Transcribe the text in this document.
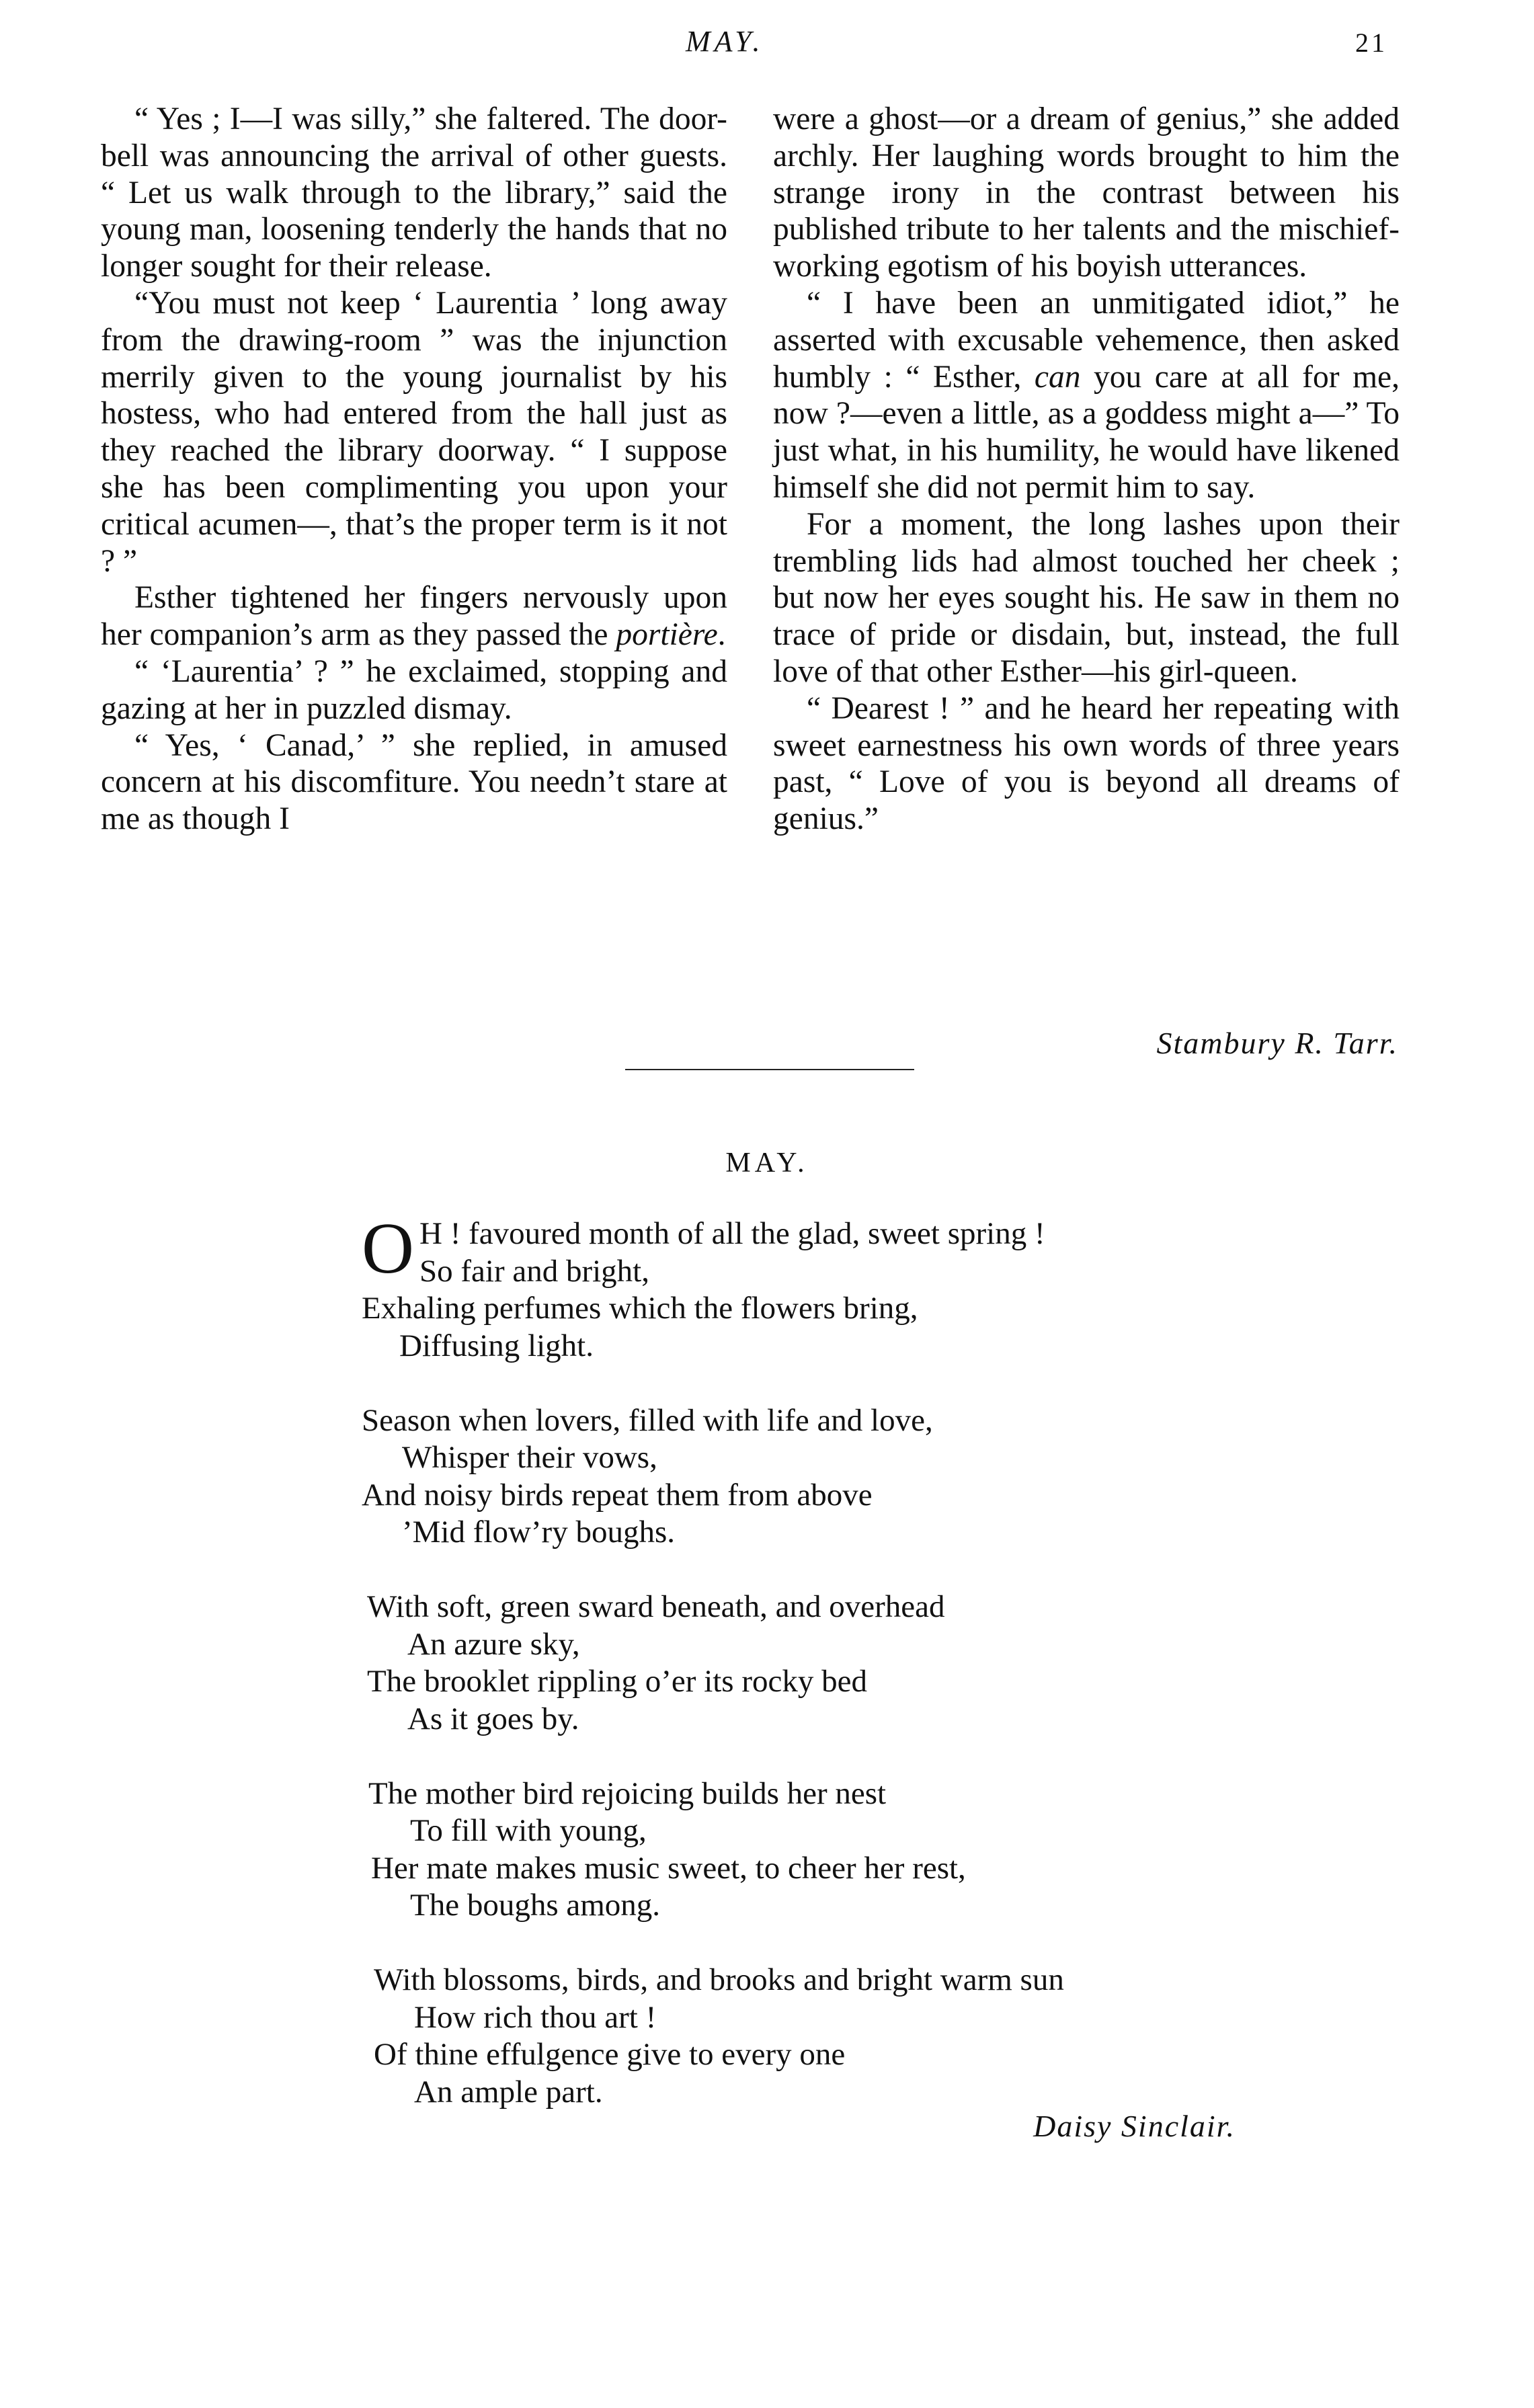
MAY.	21

“ Yes ; I—I was silly,” she faltered. The door-bell was announcing the arrival of other guests. “ Let us walk through to the library,” said the young man, loosening tenderly the hands that no longer sought for their release.

“You must not keep ‘ Laurentia ’ long away from the drawing-room ” was the injunction merrily given to the young journalist by his hostess, who had entered from the hall just as they reached the library doorway. “ I suppose she has been complimenting you upon your critical acumen—, that’s the proper term is it not ? ”

Esther tightened her fingers nervously upon her companion’s arm as they passed the portière.

“ ‘Laurentia’ ? ” he exclaimed, stopping and gazing at her in puzzled dismay.

“ Yes, ‘ Canad,’ ” she replied, in amused concern at his discomfiture. You needn’t stare at me as though I

were a ghost—or a dream of genius,” she added archly. Her laughing words brought to him the strange irony in the contrast between his published tribute to her talents and the mischief-working egotism of his boyish utterances.

“ I have been an unmitigated idiot,” he asserted with excusable vehemence, then asked humbly : “ Esther, can you care at all for me, now ?—even a little, as a goddess might a—” To just what, in his humility, he would have likened himself she did not permit him to say.

For a moment, the long lashes upon their trembling lids had almost touched her cheek ; but now her eyes sought his. He saw in them no trace of pride or disdain, but, instead, the full love of that other Esther—his girl-queen.

“ Dearest ! ” and he heard her repeating with sweet earnestness his own words of three years past, “ Love of you is beyond all dreams of genius.”

Stambury R. Tarr.
MAY.
O H ! favoured month of all the glad, sweet spring !
So fair and bright,
Exhaling perfumes which the flowers bring,
Diffusing light.
Season when lovers, filled with life and love,
Whisper their vows,
And noisy birds repeat them from above
’Mid flow’ry boughs.
With soft, green sward beneath, and overhead
An azure sky,
The brooklet rippling o’er its rocky bed
As it goes by.
The mother bird rejoicing builds her nest
To fill with young,
Her mate makes music sweet, to cheer her rest,
The boughs among.
With blossoms, birds, and brooks and bright warm sun
How rich thou art !
Of thine effulgence give to every one
An ample part.
Daisy Sinclair.
